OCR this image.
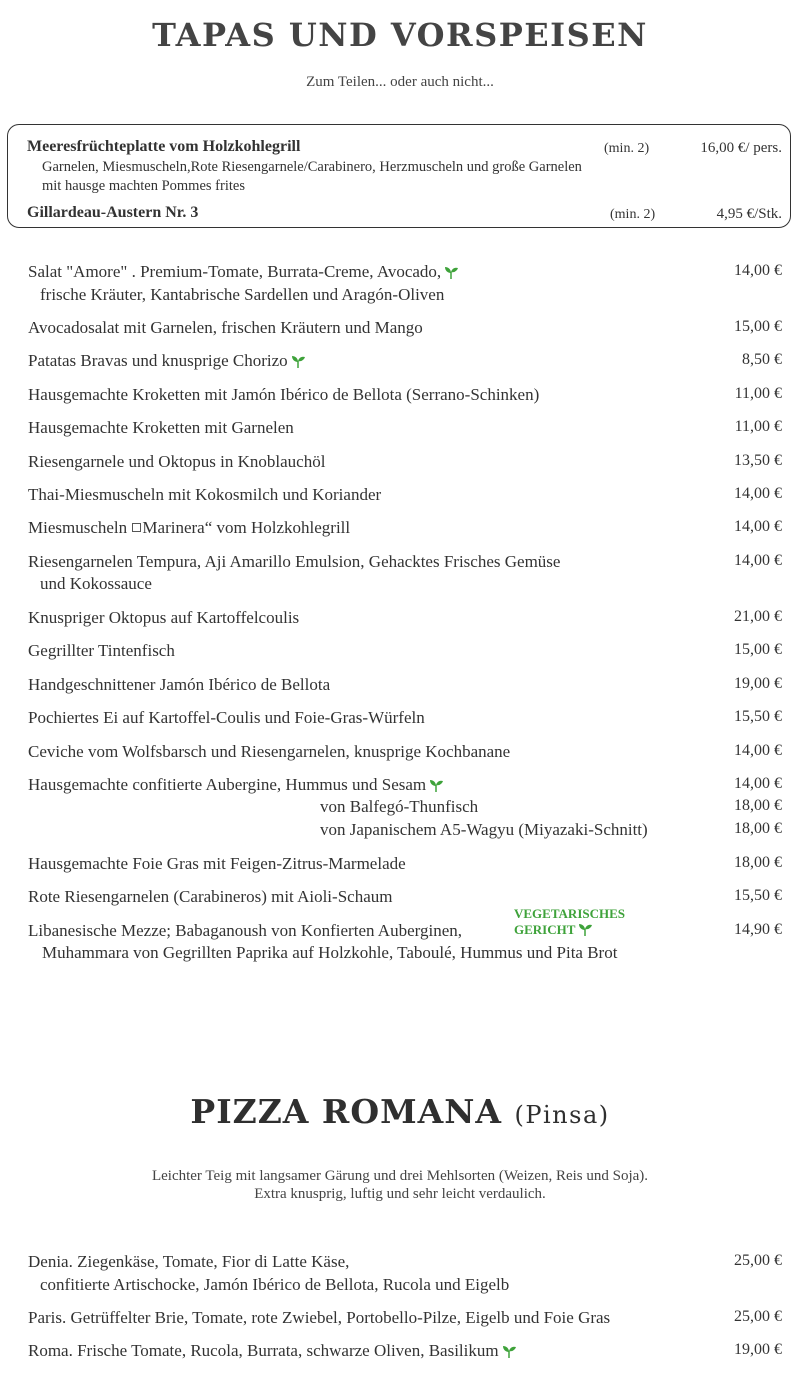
TAPAS UND VORSPEISEN
Zum Teilen... oder auch nicht...
Meeresfrüchteplatte vom Holzkohlegrill	(min. 2)	16,00 €/ pers.
Garnelen, Miesmuscheln,Rote Riesengarnele/Carabinero, Herzmuscheln und große Garnelen
mit hausge machten Pommes frites
Gillardeau-Austern Nr. 3	(min. 2)	4,95 €/Stk.
Salat "Amore" . Premium-Tomate, Burrata-Creme, Avocado,
frische Kräuter, Kantabrische Sardellen und Aragón-Oliven
14,00 €
Avocadosalat mit Garnelen, frischen Kräutern und Mango	15,00 €
Patatas Bravas und knusprige Chorizo	8,50 €
Hausgemachte Kroketten mit Jamón Ibérico de Bellota (Serrano-Schinken)	11,00 €
Hausgemachte Kroketten mit Garnelen	11,00 €
Riesengarnele und Oktopus in Knoblauchöl	13,50 €
Thai-Miesmuscheln mit Kokosmilch und Koriander	14,00 €
Miesmuscheln Marinera“ vom Holzkohlegrill	14,00 €
Riesengarnelen Tempura, Aji Amarillo Emulsion, Gehacktes Frisches Gemüse
und Kokossauce
14,00 €
Knuspriger Oktopus auf Kartoffelcoulis	21,00 €
Gegrillter Tintenfisch	15,00 €
Handgeschnittener Jamón Ibérico de Bellota	19,00 €
Pochiertes Ei auf Kartoffel-Coulis und Foie-Gras-Würfeln	15,50 €
Ceviche vom Wolfsbarsch und Riesengarnelen, knusprige Kochbanane	14,00 €
Hausgemachte confitierte Aubergine, Hummus und Sesam	14,00 €
von Balfegó-Thunfisch	18,00 €
von Japanischem A5-Wagyu (Miyazaki-Schnitt)	18,00 €
Hausgemachte Foie Gras mit Feigen-Zitrus-Marmelade	18,00 €
Rote Riesengarnelen (Carabineros) mit Aioli-Schaum	15,50 €
Libanesische Mezze; Babaganoush von Konfierten Auberginen,
VEGETARISCHES
GERICHT
Muhammara von Gegrillten Paprika auf Holzkohle, Taboulé, Hummus und Pita Brot
14,90 €
PIZZA ROMANA (Pinsa)
Leichter Teig mit langsamer Gärung und drei Mehlsorten (Weizen, Reis und Soja).
Extra knusprig, luftig und sehr leicht verdaulich.
Denia. Ziegenkäse, Tomate, Fior di Latte Käse,
confitierte Artischocke, Jamón Ibérico de Bellota, Rucola und Eigelb
25,00 €
Paris. Getrüffelter Brie, Tomate, rote Zwiebel, Portobello-Pilze, Eigelb und Foie Gras	25,00 €
Roma. Frische Tomate, Rucola, Burrata, schwarze Oliven, Basilikum	19,00 €
